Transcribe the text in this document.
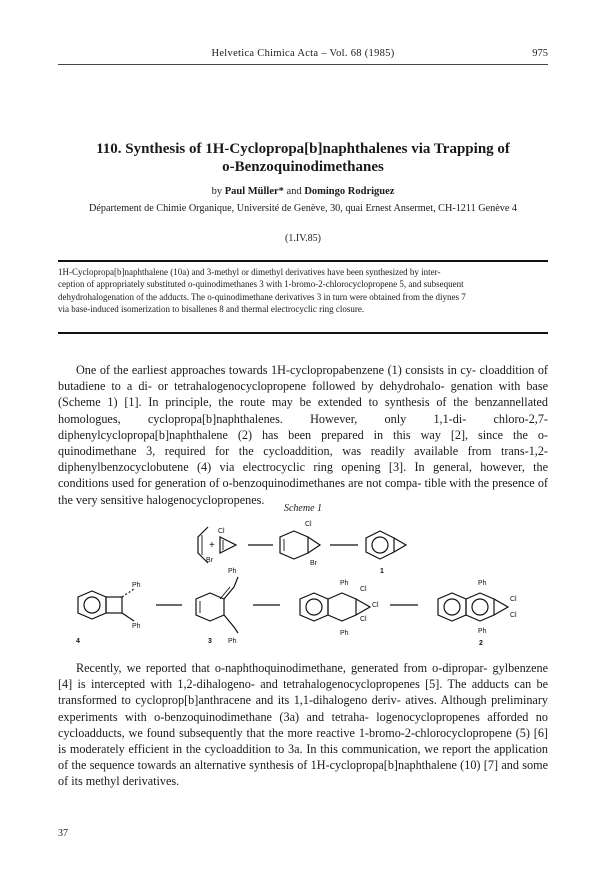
Helvetica Chimica Acta – Vol. 68 (1985)	975
110. Synthesis of 1H-Cyclopropa[b]naphthalenes via Trapping of
o-Benzoquinodimethanes
by Paul Müller* and Domingo Rodriguez
Département de Chimie Organique, Université de Genève, 30, quai Ernest Ansermet, CH-1211 Genève 4
(1.IV.85)
1H-Cyclopropa[b]naphthalene (10a) and 3-methyl or dimethyl derivatives have been synthesized by inter-
ception of appropriately substituted o-quinodimethanes 3 with 1-bromo-2-chlorocyclopropene 5, and subsequent
dehydrohalogenation of the adducts. The o-quinodimethane derivatives 3 in turn were obtained from the diynes 7
via base-induced isomerization to bisallenes 8 and thermal electrocyclic ring closure.
One of the earliest approaches towards 1H-cyclopropabenzene (1) consists in cy- cloaddition of butadiene to a di- or tetrahalogenocyclopropene followed by dehydrohalo- genation with base (Scheme 1) [1]. In principle, the route may be extended to synthesis of the benzannellated homologues, cyclopropa[b]naphthalenes. However, only 1,1-di- chloro-2,7-diphenylcyclopropa[b]naphthalene (2) has been prepared in this way [2], since the o-quinodimethane 3, required for the cycloaddition, was readily available from trans-1,2-diphenylbenzocyclobutene (4) via electrocyclic ring opening [3]. In general, however, the conditions used for generation of o-benzoquinodimethanes are not compa- tible with the presence of the very sensitive halogenocyclopropenes.
Scheme 1
+
Cl
Br
Cl
Br
1
Ph
Ph
4
Ph
Ph
3
Ph
Ph
Cl
Cl
Cl
Ph
Ph
Cl
Cl
2
Recently, we reported that o-naphthoquinodimethane, generated from o-dipropar- gylbenzene [4] is intercepted with 1,2-dihalogeno- and tetrahalogenocyclopropenes [5]. The adducts can be transformed to cycloprop[b]anthracene and its 1,1-dihalogeno deriv- atives. Although preliminary experiments with o-benzoquinodimethane (3a) and tetraha- logenocyclopropenes afforded no cycloadducts, we found subsequently that the more reactive 1-bromo-2-chlorocyclopropene (5) [6] is moderately efficient in the cycloaddition to 3a. In this communication, we report the application of the sequence towards an alternative synthesis of 1H-cyclopropa[b]naphthalene (10) [7] and some of its methyl derivatives.
37
